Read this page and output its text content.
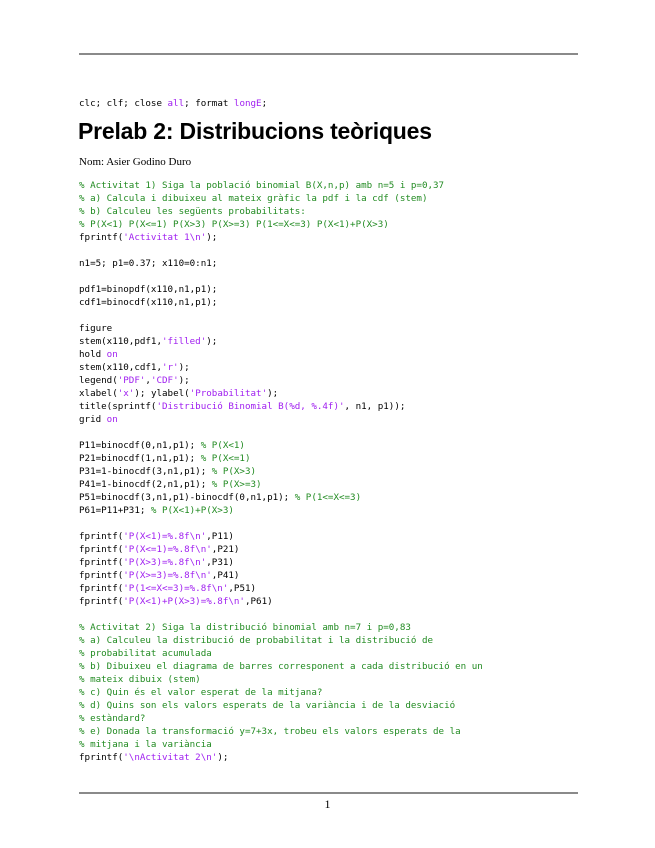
clc; clf; close all; format longE;
Prelab 2: Distribucions teòriques
Nom: Asier Godino Duro
% Activitat 1) Siga la població binomial B(X,n,p) amb n=5 i p=0,37
% a) Calcula i dibuixeu al mateix gràfic la pdf i la cdf (stem)
% b) Calculeu les següents probabilitats:
% P(X<1) P(X<=1) P(X>3) P(X>=3) P(1<=X<=3) P(X<1)+P(X>3)
fprintf('Activitat 1\n');

n1=5; p1=0.37; x110=0:n1;

pdf1=binopdf(x110,n1,p1);
cdf1=binocdf(x110,n1,p1);

figure
stem(x110,pdf1,'filled');
hold on
stem(x110,cdf1,'r');
legend('PDF','CDF');
xlabel('x'); ylabel('Probabilitat');
title(sprintf('Distribució Binomial B(%d, %.4f)', n1, p1));
grid on

P11=binocdf(0,n1,p1); % P(X<1)
P21=binocdf(1,n1,p1); % P(X<=1)
P31=1-binocdf(3,n1,p1); % P(X>3)
P41=1-binocdf(2,n1,p1); % P(X>=3)
P51=binocdf(3,n1,p1)-binocdf(0,n1,p1); % P(1<=X<=3)
P61=P11+P31; % P(X<1)+P(X>3)

fprintf('P(X<1)=%.8f\n',P11)
fprintf('P(X<=1)=%.8f\n',P21)
fprintf('P(X>3)=%.8f\n',P31)
fprintf('P(X>=3)=%.8f\n',P41)
fprintf('P(1<=X<=3)=%.8f\n',P51)
fprintf('P(X<1)+P(X>3)=%.8f\n',P61)

% Activitat 2) Siga la distribució binomial amb n=7 i p=0,83
% a) Calculeu la distribució de probabilitat i la distribució de
% probabilitat acumulada
% b) Dibuixeu el diagrama de barres corresponent a cada distribució en un
% mateix dibuix (stem)
% c) Quin és el valor esperat de la mitjana?
% d) Quins son els valors esperats de la variància i de la desviació
% estàndard?
% e) Donada la transformació y=7+3x, trobeu els valors esperats de la
% mitjana i la variància
fprintf('\nActivitat 2\n');
1
